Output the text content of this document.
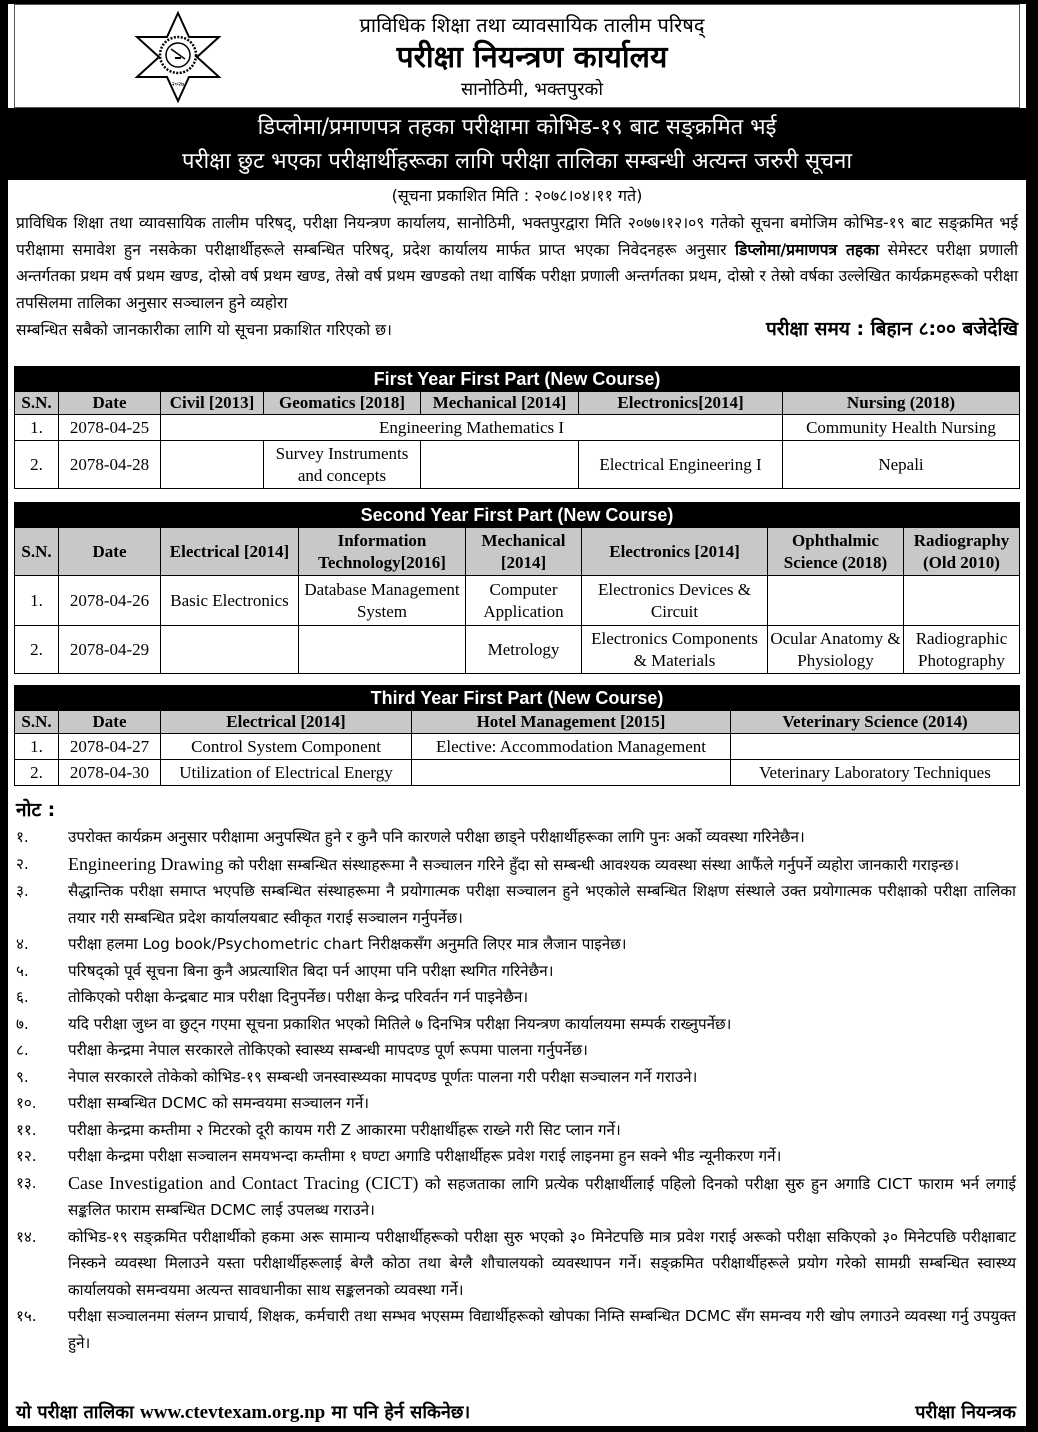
२०२७
प्राविधिक शिक्षा तथा व्यावसायिक तालीम परिषद्
परीक्षा नियन्त्रण कार्यालय
सानोठिमी, भक्तपुरको
डिप्लोमा/प्रमाणपत्र तहका परीक्षामा कोभिड-१९ बाट सङ्क्रमित भई
परीक्षा छुट भएका परीक्षार्थीहरूका लागि परीक्षा तालिका सम्बन्धी अत्यन्त जरुरी सूचना
(सूचना प्रकाशित मिति : २०७८।०४।११ गते)
प्राविधिक शिक्षा तथा व्यावसायिक तालीम परिषद्, परीक्षा नियन्त्रण कार्यालय, सानोठिमी, भक्तपुरद्वारा मिति २०७७।१२।०९ गतेको सूचना बमोजिम कोभिड-१९ बाट सङ्क्रमित भई परीक्षामा समावेश हुन नसकेका परीक्षार्थीहरूले सम्बन्धित परिषद्, प्रदेश कार्यालय मार्फत प्राप्त भएका निवेदनहरू अनुसार डिप्लोमा/प्रमाणपत्र तहका सेमेस्टर परीक्षा प्रणाली अन्तर्गतका प्रथम वर्ष प्रथम खण्ड, दोस्रो वर्ष प्रथम खण्ड, तेस्रो वर्ष प्रथम खण्डको तथा वार्षिक परीक्षा प्रणाली अन्तर्गतका प्रथम, दोस्रो र तेस्रो वर्षका उल्लेखित कार्यक्रमहरूको परीक्षा तपसिलमा तालिका अनुसार सञ्चालन हुने व्यहोरा
सम्बन्धित सबैको जानकारीका लागि यो सूचना प्रकाशित गरिएको छ।	परीक्षा समय : बिहान ८:०० बजेदेखि
First Year First Part (New Course)						
S.N.	Date	Civil [2013]	Geomatics [2018]	Mechanical [2014]	Electronics[2014]	Nursing (2018)
1.	2078-04-25	Engineering Mathematics I				Community Health Nursing
2.	2078-04-28		Survey Instruments and concepts		Electrical Engineering I	Nepali
Second Year First Part (New Course)							
S.N.	Date	Electrical [2014]	Information Technology[2016]	Mechanical [2014]	Electronics [2014]	Ophthalmic Science (2018)	Radiography (Old 2010)
1.	2078-04-26	Basic Electronics	Database Management System	Computer Application	Electronics Devices & Circuit		
2.	2078-04-29			Metrology	Electronics Components & Materials	Ocular Anatomy & Physiology	Radiographic Photography
Third Year First Part (New Course)				
S.N.	Date	Electrical [2014]	Hotel Management [2015]	Veterinary Science (2014)
1.	2078-04-27	Control System Component	Elective: Accommodation Management	
2.	2078-04-30	Utilization of Electrical Energy		Veterinary Laboratory Techniques
नोट :
१.	उपरोक्त कार्यक्रम अनुसार परीक्षामा अनुपस्थित हुने र कुनै पनि कारणले परीक्षा छाड्ने परीक्षार्थीहरूका लागि पुनः अर्को व्यवस्था गरिनेछैन।
२.	Engineering Drawing को परीक्षा सम्बन्धित संस्थाहरूमा नै सञ्चालन गरिने हुँदा सो सम्बन्धी आवश्यक व्यवस्था संस्था आफैंले गर्नुपर्ने व्यहोरा जानकारी गराइन्छ।
३.	सैद्धान्तिक परीक्षा समाप्त भएपछि सम्बन्धित संस्थाहरूमा नै प्रयोगात्मक परीक्षा सञ्चालन हुने भएकोले सम्बन्धित शिक्षण संस्थाले उक्त प्रयोगात्मक परीक्षाको परीक्षा तालिका तयार गरी सम्बन्धित प्रदेश कार्यालयबाट स्वीकृत गराई सञ्चालन गर्नुपर्नेछ।
४.	परीक्षा हलमा Log book/Psychometric chart निरीक्षकसँग अनुमति लिएर मात्र लैजान पाइनेछ।
५.	परिषद्को पूर्व सूचना बिना कुनै अप्रत्याशित बिदा पर्न आएमा पनि परीक्षा स्थगित गरिनेछैन।
६.	तोकिएको परीक्षा केन्द्रबाट मात्र परीक्षा दिनुपर्नेछ। परीक्षा केन्द्र परिवर्तन गर्न पाइनेछैन।
७.	यदि परीक्षा जुध्न वा छुट्न गएमा सूचना प्रकाशित भएको मितिले ७ दिनभित्र परीक्षा नियन्त्रण कार्यालयमा सम्पर्क राख्नुपर्नेछ।
८.	परीक्षा केन्द्रमा नेपाल सरकारले तोकिएको स्वास्थ्य सम्बन्धी मापदण्ड पूर्ण रूपमा पालना गर्नुपर्नेछ।
९.	नेपाल सरकारले तोकेको कोभिड-१९ सम्बन्धी जनस्वास्थ्यका मापदण्ड पूर्णतः पालना गरी परीक्षा सञ्चालन गर्ने गराउने।
१०.	परीक्षा सम्बन्धित DCMC को समन्वयमा सञ्चालन गर्ने।
११.	परीक्षा केन्द्रमा कम्तीमा २ मिटरको दूरी कायम गरी Z आकारमा परीक्षार्थीहरू राख्ने गरी सिट प्लान गर्ने।
१२.	परीक्षा केन्द्रमा परीक्षा सञ्चालन समयभन्दा कम्तीमा १ घण्टा अगाडि परीक्षार्थीहरू प्रवेश गराई लाइनमा हुन सक्ने भीड न्यूनीकरण गर्ने।
१३.	Case Investigation and Contact Tracing (CICT) को सहजताका लागि प्रत्येक परीक्षार्थीलाई पहिलो दिनको परीक्षा सुरु हुन अगाडि CICT फाराम भर्न लगाई सङ्कलित फाराम सम्बन्धित DCMC लाई उपलब्ध गराउने।
१४.	कोभिड-१९ सङ्क्रमित परीक्षार्थीको हकमा अरू सामान्य परीक्षार्थीहरूको परीक्षा सुरु भएको ३० मिनेटपछि मात्र प्रवेश गराई अरूको परीक्षा सकिएको ३० मिनेटपछि परीक्षाबाट निस्कने व्यवस्था मिलाउने यस्ता परीक्षार्थीहरूलाई बेग्लै कोठा तथा बेग्लै शौचालयको व्यवस्थापन गर्ने। सङ्क्रमित परीक्षार्थीहरूले प्रयोग गरेको सामग्री सम्बन्धित स्वास्थ्य कार्यालयको समन्वयमा अत्यन्त सावधानीका साथ सङ्कलनको व्यवस्था गर्ने।
१५.	परीक्षा सञ्चालनमा संलग्न प्राचार्य, शिक्षक, कर्मचारी तथा सम्भव भएसम्म विद्यार्थीहरूको खोपका निम्ति सम्बन्धित DCMC सँग समन्वय गरी खोप लगाउने व्यवस्था गर्नु उपयुक्त हुने।
यो परीक्षा तालिका www.ctevtexam.org.np मा पनि हेर्न सकिनेछ।	परीक्षा नियन्त्रक
